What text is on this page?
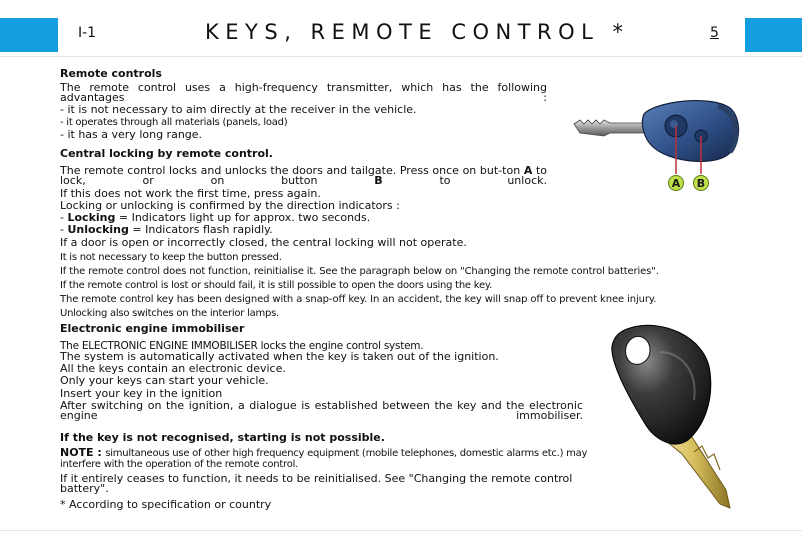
I-1	KEYS, REMOTE CONTROL *	5
Remote controls
The remote control uses a high-frequency transmitter, which has the following advantages :
- it is not necessary to aim directly at the receiver in the vehicle.
- it operates through all materials (panels, load)
- it has a very long range.
Central locking by remote control.
The remote control locks and unlocks the doors and tailgate. Press once on but-ton A to lock, or on button	B	to unlock.
If this does not work the first time, press again.
Locking or unlocking is confirmed by the direction indicators :
- Locking = Indicators light up for approx. two seconds.
- Unlocking = Indicators flash rapidly.
If a door is open or incorrectly closed, the central locking will not operate.
It is not necessary to keep the button pressed.
If the remote control does not function, reinitialise it. See the paragraph below on "Changing the remote control batteries".
If the remote control is lost or should fail, it is still possible to open the doors using the key.
The remote control key has been designed with a snap-off key. In an accident, the key will snap off to prevent knee injury.
Unlocking also switches on the interior lamps.
Electronic engine immobiliser
The ELECTRONIC ENGINE IMMOBILISER locks the engine control system.
The system is automatically activated when the key is taken out of the ignition.
All the keys contain an electronic device.
Only your keys can start your vehicle.
Insert your key in the ignition
After switching on the ignition, a dialogue is established between the key and the electronic engine immobiliser.
If the key is not recognised, starting is not possible.
NOTE : simultaneous use of other high frequency equipment (mobile telephones, domestic alarms etc.) may interfere with the operation of the remote control.
If it entirely ceases to function, it needs to be reinitialised. See "Changing the remote control battery".
* According to specification or country
A B
